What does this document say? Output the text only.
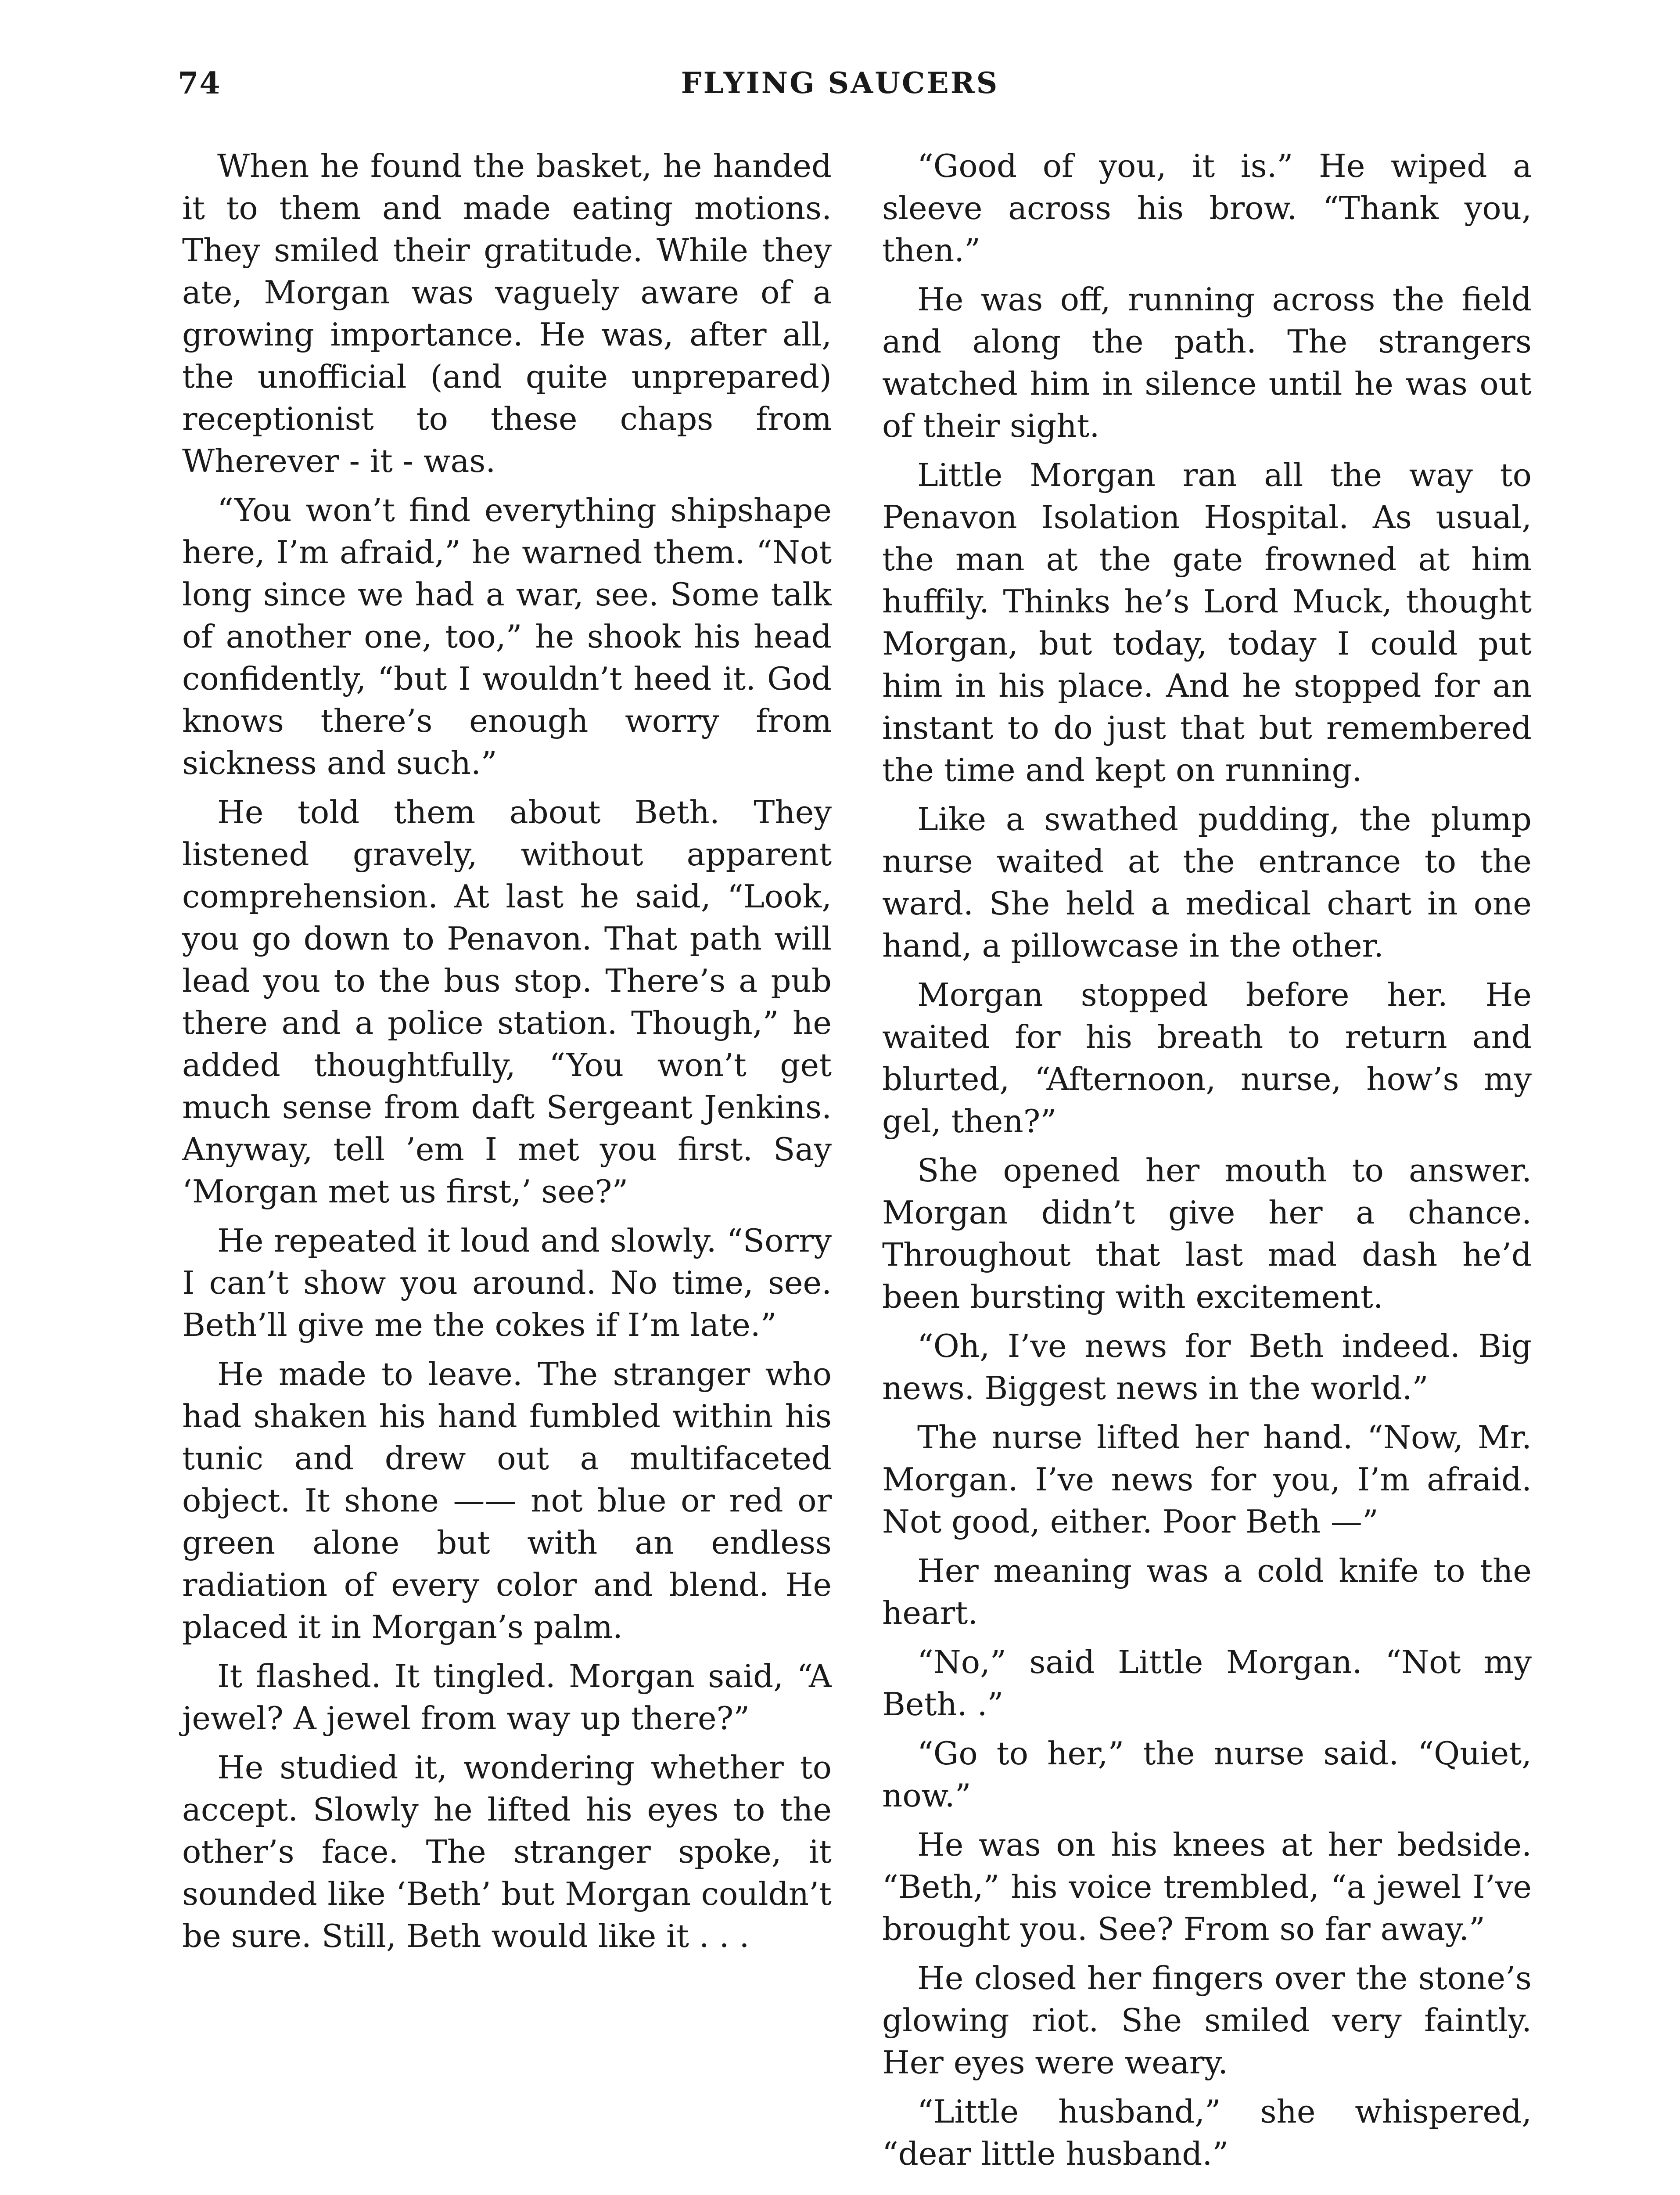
74	FLYING SAUCERS

When he found the basket, he handed it to them and made eating motions. They smiled their gratitude. While they ate, Morgan was vaguely aware of a growing importance. He was, after all, the unofficial (and quite unprepared) receptionist to these chaps from Wherever - it - was.

“You won’t find everything shipshape here, I’m afraid,” he warned them. “Not long since we had a war, see. Some talk of another one, too,” he shook his head confidently, “but I wouldn’t heed it. God knows there’s enough worry from sickness and such.”

He told them about Beth. They listened gravely, without apparent comprehension. At last he said, “Look, you go down to Penavon. That path will lead you to the bus stop. There’s a pub there and a police station. Though,” he added thoughtfully, “You won’t get much sense from daft Sergeant Jenkins. Anyway, tell ’em I met you first. Say ‘Morgan met us first,’ see?”

He repeated it loud and slowly. “Sorry I can’t show you around. No time, see. Beth’ll give me the cokes if I’m late.”

He made to leave. The stranger who had shaken his hand fumbled within his tunic and drew out a multifaceted object. It shone —— not blue or red or green alone but with an endless radiation of every color and blend. He placed it in Morgan’s palm.

It flashed. It tingled. Morgan said, “A jewel? A jewel from way up there?”

He studied it, wondering whether to accept. Slowly he lifted his eyes to the other’s face. The stranger spoke, it sounded like ‘Beth’ but Morgan couldn’t be sure. Still, Beth would like it . . .

“Good of you, it is.” He wiped a sleeve across his brow. “Thank you, then.”

He was off, running across the field and along the path. The strangers watched him in silence until he was out of their sight.

Little Morgan ran all the way to Penavon Isolation Hospital. As usual, the man at the gate frowned at him huffily. Thinks he’s Lord Muck, thought Morgan, but today, today I could put him in his place. And he stopped for an instant to do just that but remembered the time and kept on running.

Like a swathed pudding, the plump nurse waited at the entrance to the ward. She held a medical chart in one hand, a pillowcase in the other.

Morgan stopped before her. He waited for his breath to return and blurted, “Afternoon, nurse, how’s my gel, then?”

She opened her mouth to answer. Morgan didn’t give her a chance. Throughout that last mad dash he’d been bursting with excitement.

“Oh, I’ve news for Beth indeed. Big news. Biggest news in the world.”

The nurse lifted her hand. “Now, Mr. Morgan. I’ve news for you, I’m afraid. Not good, either. Poor Beth —”

Her meaning was a cold knife to the heart.

“No,” said Little Morgan. “Not my Beth. .”

“Go to her,” the nurse said. “Quiet, now.”

He was on his knees at her bedside. “Beth,” his voice trembled, “a jewel I’ve brought you. See? From so far away.”

He closed her fingers over the stone’s glowing riot. She smiled very faintly. Her eyes were weary.

“Little husband,” she whispered, “dear little husband.”
